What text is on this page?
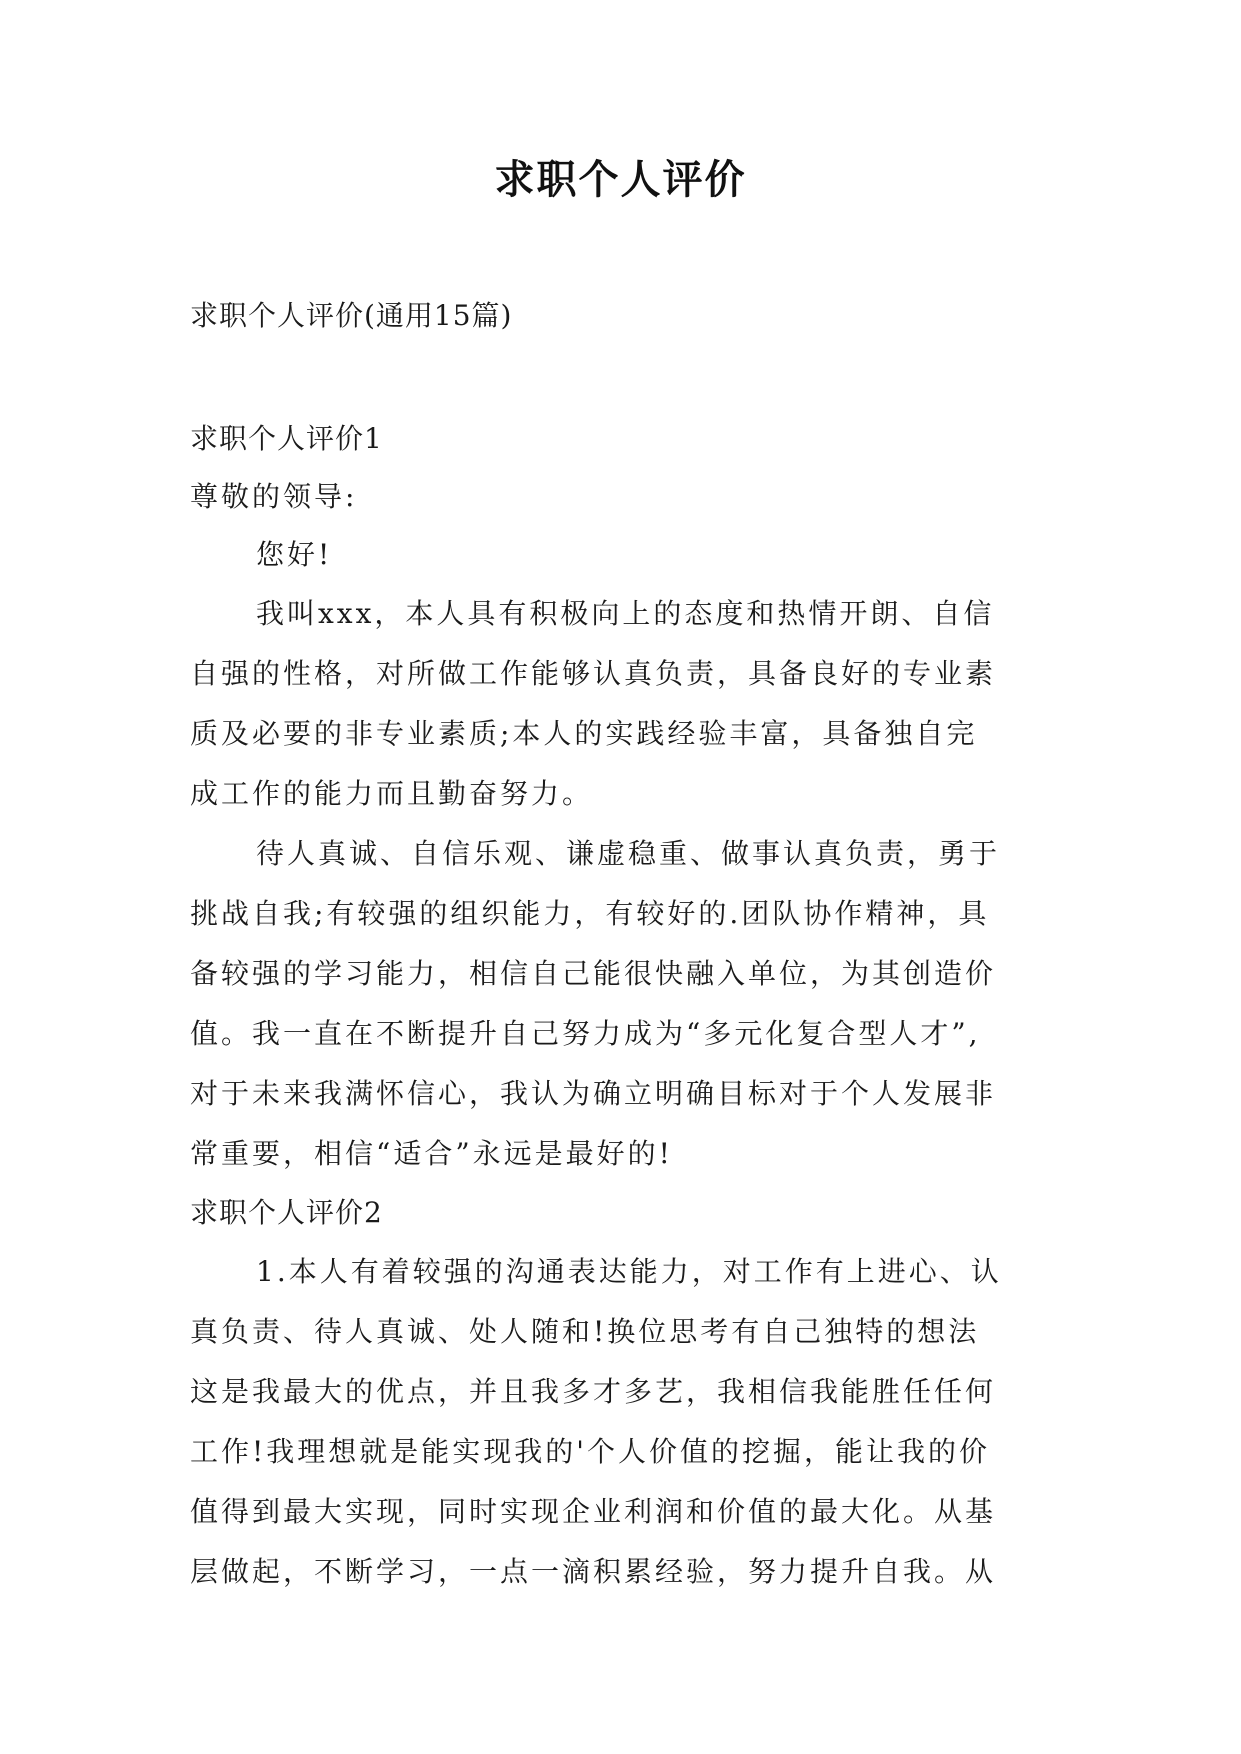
求职个人评价
求职个人评价(通用15篇)
求职个人评价1
尊敬的领导:
您好!
我叫xxx，本人具有积极向上的态度和热情开朗、自信
自强的性格，对所做工作能够认真负责，具备良好的专业素
质及必要的非专业素质;本人的实践经验丰富，具备独自完
成工作的能力而且勤奋努力。
待人真诚、自信乐观、谦虚稳重、做事认真负责，勇于
挑战自我;有较强的组织能力，有较好的.团队协作精神，具
备较强的学习能力，相信自己能很快融入单位，为其创造价
值。我一直在不断提升自己努力成为“多元化复合型人才”,
对于未来我满怀信心，我认为确立明确目标对于个人发展非
常重要，相信“适合”永远是最好的!
求职个人评价2
1.本人有着较强的沟通表达能力，对工作有上进心、认
真负责、待人真诚、处人随和!换位思考有自己独特的想法
这是我最大的优点，并且我多才多艺，我相信我能胜任任何
工作!我理想就是能实现我的'个人价值的挖掘，能让我的价
值得到最大实现，同时实现企业利润和价值的最大化。从基
层做起，不断学习，一点一滴积累经验，努力提升自我。从
